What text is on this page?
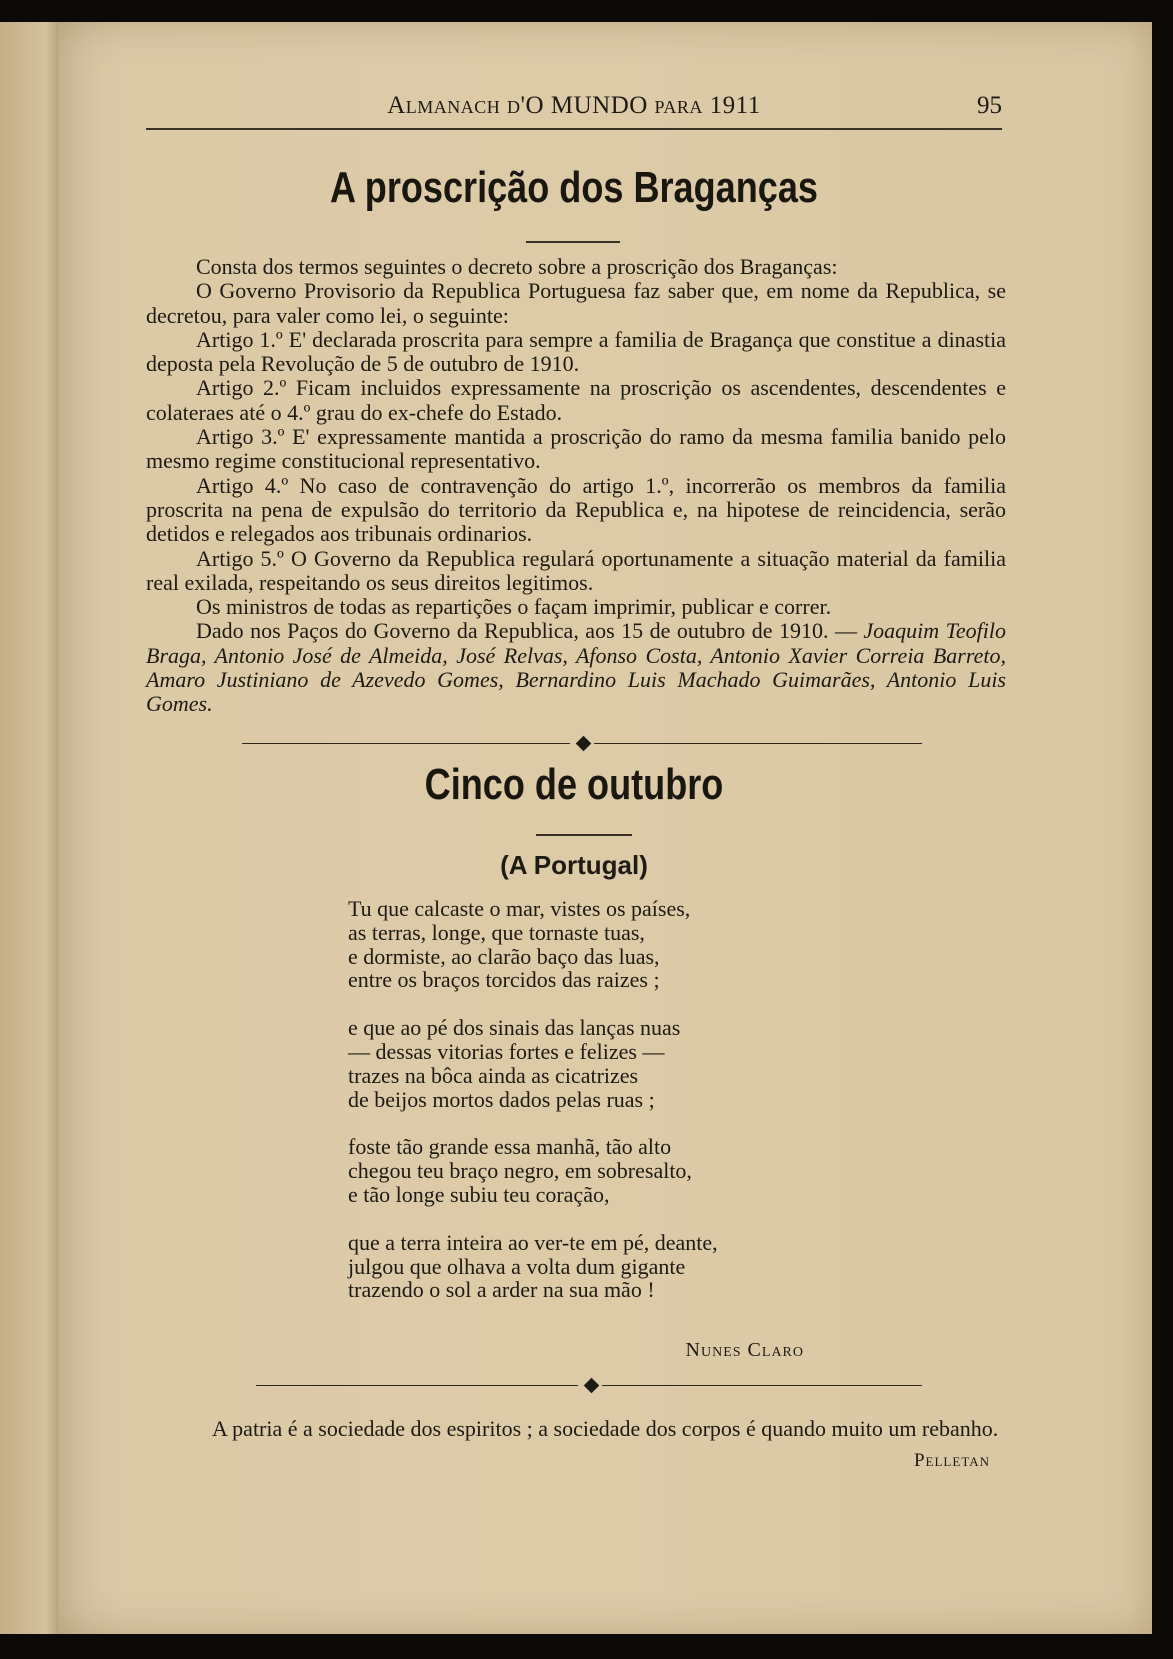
Almanach d'O MUNDO para 1911	95
A proscrição dos Braganças

Consta dos termos seguintes o decreto sobre a proscrição dos Braganças:

O Governo Provisorio da Republica Portuguesa faz saber que, em nome da Republica, se decretou, para valer como lei, o seguinte:

Artigo 1.º E' declarada proscrita para sempre a familia de Bragança que constitue a dinastia deposta pela Revolução de 5 de outubro de 1910.

Artigo 2.º Ficam incluidos expressamente na proscrição os ascendentes, descendentes e colateraes até o 4.º grau do ex-chefe do Estado.

Artigo 3.º E' expressamente mantida a proscrição do ramo da mesma familia banido pelo mesmo regime constitucional representativo.

Artigo 4.º No caso de contravenção do artigo 1.º, incorrerão os membros da familia proscrita na pena de expulsão do territorio da Republica e, na hipotese de reincidencia, serão detidos e relegados aos tribunais ordinarios.

Artigo 5.º O Governo da Republica regulará oportunamente a situação material da familia real exilada, respeitando os seus direitos legitimos.

Os ministros de todas as repartições o façam imprimir, publicar e correr.

Dado nos Paços do Governo da Republica, aos 15 de outubro de 1910. — Joaquim Teofilo Braga, Antonio José de Almeida, José Relvas, Afonso Costa, Antonio Xavier Correia Barreto, Amaro Justiniano de Azevedo Gomes, Bernardino Luis Machado Guimarães, Antonio Luis Gomes.

Cinco de outubro
(A Portugal)
Tu que calcaste o mar, vistes os países,
as terras, longe, que tornaste tuas,
e dormiste, ao clarão baço das luas,
entre os braços torcidos das raizes ;
e que ao pé dos sinais das lanças nuas
— dessas vitorias fortes e felizes —
trazes na bôca ainda as cicatrizes
de beijos mortos dados pelas ruas ;
foste tão grande essa manhã, tão alto
chegou teu braço negro, em sobresalto,
e tão longe subiu teu coração,
que a terra inteira ao ver-te em pé, deante,
julgou que olhava a volta dum gigante
trazendo o sol a arder na sua mão !
Nunes Claro

A patria é a sociedade dos espiritos ; a sociedade dos corpos é quando muito um rebanho.

Pelletan
